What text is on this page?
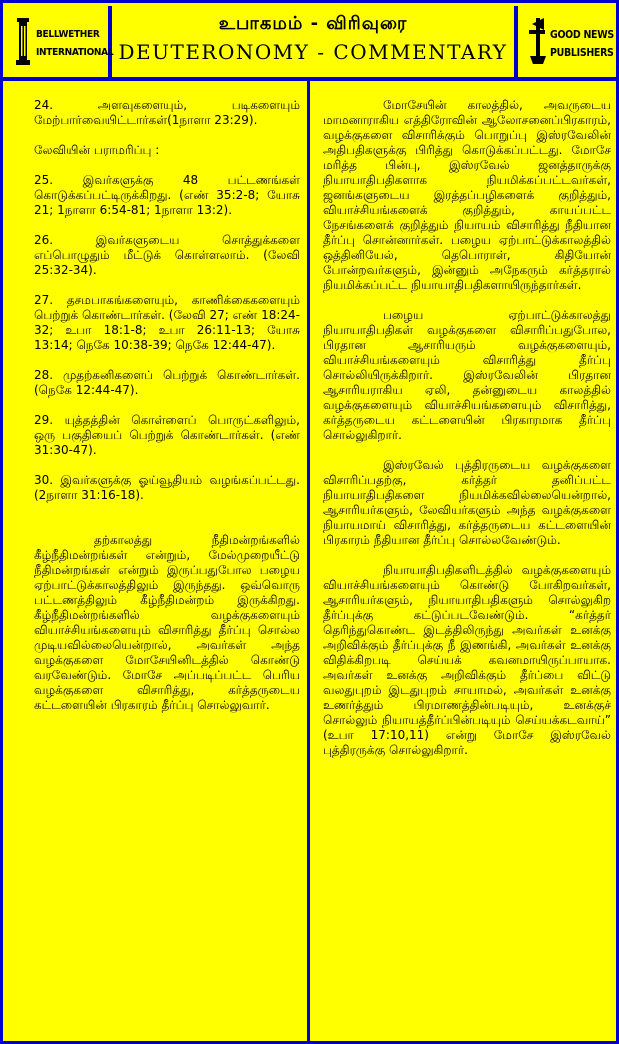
BELLWETHER
INTERNATIONAL
உபாகமம் - விரிவுரை
DEUTERONOMY - COMMENTARY
GOOD NEWS
PUBLISHERS

24. அளவுகளையும், படிகளையும் மேற்பார்வையிட்டார்கள்(1நாளா 23:29).

லேவியின் பராமரிப்பு :

25. இவர்களுக்கு 48 பட்டணங்கள் கொடுக்கப்பட்டிருக்கிறது. (எண் 35:2-8; யோசு 21; 1நாளா 6:54-81; 1நாளா 13:2).

26. இவர்களுடைய சொத்துக்களை எப்பொழுதும் மீட்டுக் கொள்ளலாம். (லேவி 25:32-34).

27. தசமபாகங்களையும், காணிக்கைகளையும் பெற்றுக் கொண்டார்கள். (லேவி 27; எண் 18:24-32; உபா 18:1-8; உபா 26:11-13; யோசு 13:14; நெகே 10:38-39; நெகே 12:44-47).

28. முதற்கனிகளைப் பெற்றுக் கொண்டார்கள். (நெகே 12:44-47).

29. யுத்தத்தின் கொள்ளைப் பொருட்களிலும், ஒரு பகுதியைப் பெற்றுக் கொண்டார்கள். (எண் 31:30-47).

30. இவர்களுக்கு ஓய்வூதியம் வழங்கப்பட்டது. (2நாளா 31:16-18).

தற்காலத்து நீதிமன்றங்களில் கீழ்நீதிமன்றங்கள் என்றும், மேல்முறையீட்டு நீதிமன்றங்கள் என்றும் இருப்பதுபோல பழைய ஏற்பாட்டுக்காலத்திலும் இருந்தது. ஒவ்வொரு பட்டணத்திலும் கீழ்நீதிமன்றம் இருக்கிறது. கீழ்நீதிமன்றங்களில் வழக்குகளையும் வியாச்சியங்களையும் விசாரித்து தீர்ப்பு சொல்ல முடியவில்லையென்றால், அவர்கள் அந்த வழக்குகளை மோசேயினிடத்தில் கொண்டு வரவேண்டும். மோசே அப்படிப்பட்ட பெரிய வழக்குகளை விசாரித்து, கர்த்தருடைய கட்டளையின் பிரகாரம் தீர்ப்பு சொல்லுவார்.

மோசேயின் காலத்தில், அவருடைய மாமனாராகிய எத்திரோவின் ஆலோசனைப்பிரகாரம், வழக்குகளை விசாரிக்கும் பொறுப்பு இஸ்ரவேலின் அதிபதிகளுக்கு பிரித்து கொடுக்கப்பட்டது. மோசே மரித்த பின்பு, இஸ்ரவேல் ஜனத்தாருக்கு நியாயாதிபதிகளாக நியமிக்கப்பட்டவர்கள், ஜனங்களுடைய இரத்தப்பழிகளைக் குறித்தும், வியாச்சியங்களைக் குறித்தும், காயப்பட்ட நேசங்களைக் குறித்தும் நியாயம் விசாரித்து நீதியான தீர்ப்பு சொன்னார்கள். பழைய ஏற்பாட்டுக்காலத்தில் ஒத்தினியேல், தெபொராள், கிதியோன் போன்றவர்களும், இன்னும் அநேகரும் கர்த்தரால் நியமிக்கப்பட்ட நியாயாதிபதிகளாயிருந்தார்கள்.

பழைய ஏற்பாட்டுக்காலத்து நியாயாதிபதிகள் வழக்குகளை விசாரிப்பதுபோல, பிரதான ஆசாரியரும் வழக்குகளையும், வியாச்சியங்களையும் விசாரித்து தீர்ப்பு சொல்லியிருக்கிறார். இஸ்ரவேலின் பிரதான ஆசாரியராகிய ஏலி, தன்னுடைய காலத்தில் வழக்குகளையும் வியாச்சியங்களையும் விசாரித்து, கர்த்தருடைய கட்டளையின் பிரகாரமாக தீர்ப்பு சொல்லுகிறார்.

இஸ்ரவேல் புத்திரருடைய வழக்குகளை விசாரிப்பதற்கு, கர்த்தர் தனிப்பட்ட நியாயாதிபதிகளை நியமிக்கவில்லையென்றால், ஆசாரியர்களும், லேவியர்களும் அந்த வழக்குகளை நியாயமாய் விசாரித்து, கர்த்தருடைய கட்டளையின் பிரகாரம் நீதியான தீர்ப்பு சொல்லவேண்டும்.

நியாயாதிபதிகளிடத்தில் வழக்குகளையும் வியாச்சியங்களையும் கொண்டு போகிறவர்கள், ஆசாரியர்களும், நியாயாதிபதிகளும் சொல்லுகிற தீர்ப்புக்கு கட்டுப்படவேண்டும். “கர்த்தர் தெரிந்துகொண்ட இடத்திலிருந்து அவர்கள் உனக்கு அறிவிக்கும் தீர்ப்புக்கு நீ இணங்கி, அவர்கள் உனக்கு விதிக்கிறபடி செய்யக் கவனமாயிருப்பாயாக. அவர்கள் உனக்கு அறிவிக்கும் தீர்ப்பை விட்டு வலதுபுறம் இடதுபுறம் சாயாமல், அவர்கள் உனக்கு உணர்த்தும் பிரமாணத்தின்படியும், உனக்குச் சொல்லும் நியாயத்தீர்ப்பின்படியும் செய்யக்கடவாய்” (உபா 17:10,11) என்று மோசே இஸ்ரவேல் புத்திரருக்கு சொல்லுகிறார்.
